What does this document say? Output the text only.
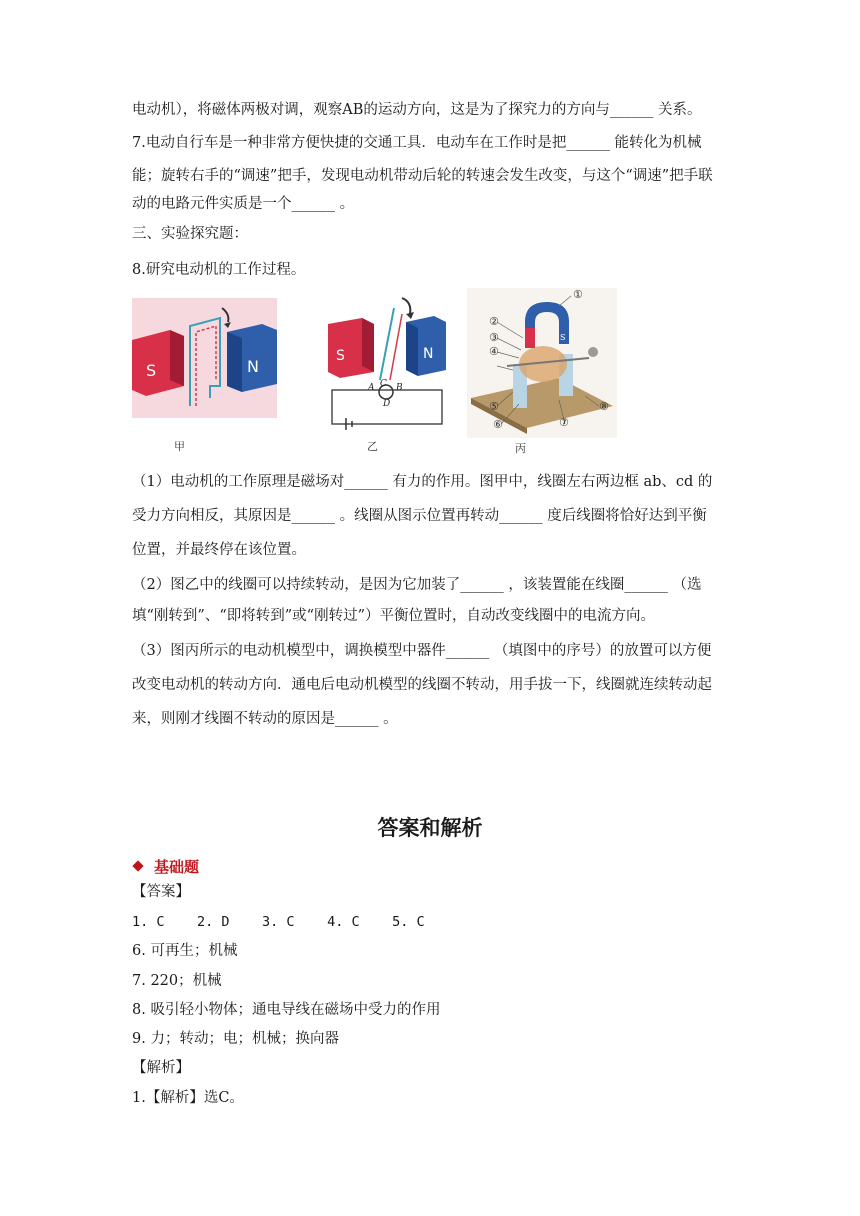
电动机），将磁体两极对调，观察AB的运动方向，这是为了探究力的方向与______ 关系。
7.电动自行车是一种非常方便快捷的交通工具．电动车在工作时是把______ 能转化为机械
能；旋转右手的“调速”把手，发现电动机带动后轮的转速会发生改变，与这个“调速”把手联
动的电路元件实质是一个______ 。
三、实验探究题：
8.研究电动机的工作过程。
S	N
甲
S	N
A B
C
D
乙
S
②
③
④
①
⑤
⑥	⑦
⑧
丙
（1）电动机的工作原理是磁场对______ 有力的作用。图甲中，线圈左右两边框 ab、cd 的
受力方向相反，其原因是______ 。线圈从图示位置再转动______ 度后线圈将恰好达到平衡
位置，并最终停在该位置。
（2）图乙中的线圈可以持续转动，是因为它加装了______ ，该装置能在线圈______ （选
填“刚转到”、“即将转到”或“刚转过”）平衡位置时，自动改变线圈中的电流方向。
（3）图丙所示的电动机模型中，调换模型中器件______ （填图中的序号）的放置可以方便
改变电动机的转动方向．通电后电动机模型的线圈不转动，用手拔一下，线圈就连续转动起
来，则刚才线圈不转动的原因是______ 。
答案和解析
基础题
【答案】
1. C    2. D    3. C    4. C    5. C
6. 可再生；机械
7. 220；机械
8. 吸引轻小物体；通电导线在磁场中受力的作用
9. 力；转动；电；机械；换向器
【解析】
1.【解析】选C。
